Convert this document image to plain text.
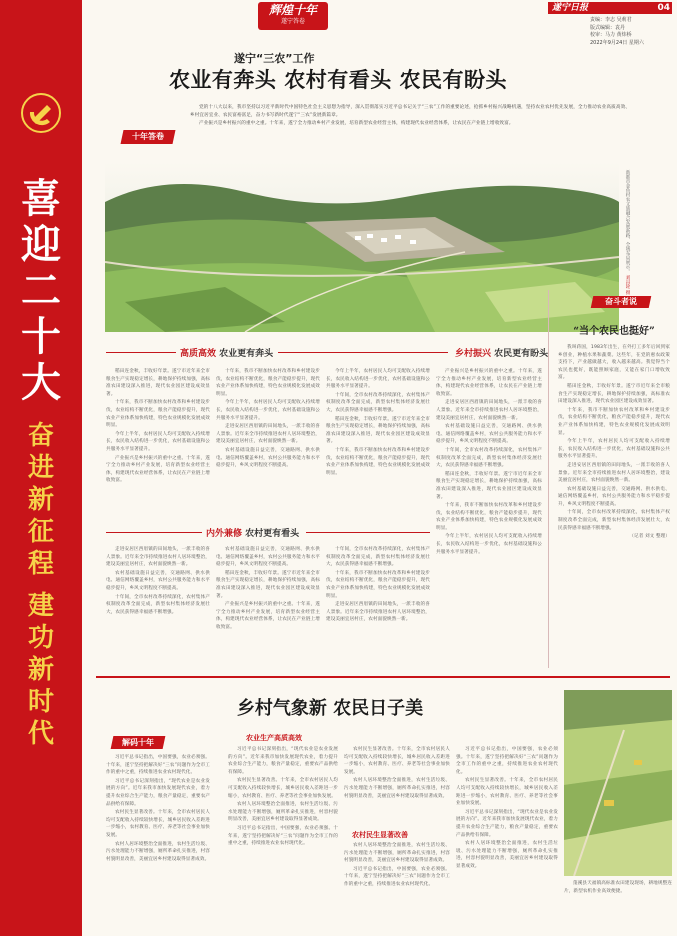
喜
迎
二
十
大
奋
进
新
征
程
建
功
新
时
代
辉煌十年
遂宁答卷
遂宁日报	04
责编：李志 吴莉君
版式编辑：袁丹
校审：马力 黄炜桥
2022年9月24日 星期六
遂宁“三农”工作
农业有奔头 农村有看头 农民有盼头
十年答卷

党的十八大以来，我市坚持以习近平新时代中国特色社会主义思想为指导，深入贯彻落实习近平总书记关于“三农”工作的重要论述，抢抓乡村振兴战略机遇，坚持农业农村优先发展，全力推动农业高质高效、乡村宜居宜业、农民富裕富足，奋力书写新时代遂宁“三农”发展新篇章。

产业振兴是乡村振兴的重中之重。十年来，遂宁全力推动乡村产业发展，培育新型农业经营主体，构建现代农业经营体系，让农民在产业链上增收致富。

新都市金鱼村农文旅融合发展新路，全域布局展示。 刘昌轮 摄
奋斗者说
“当个农民也挺好”

我叫蒋国，1983年出生，在外打工多年后回到家乡创业，种植水果和蔬菜。这些年，在党的惠农政策支持下，产业越做越大，收入越来越高。我觉得当个农民也挺好，既能照顾家庭，又能在家门口增收致富。

稻田连金秋，丰收好年景。遂宁市近年来全市粮食生产实现稳定增长，耕地保护持续加强，高标准农田建设深入推进，现代农业园区建设成效显著。

十年来，我市不断加快农村改革和乡村建设步伐，农业结构不断优化，粮食产能稳步提升，现代农业产业体系加快构建，特色农业规模化发展成效明显。

今年上半年，农村居民人均可支配收入持续增长，农民收入结构进一步优化，农村基础设施和公共服务水平显著提升。

走进安居区西眉镇的田间地头，一派丰收的喜人景象。近年来全市持续推进农村人居环境整治，建设美丽宜居村庄，农村面貌焕然一新。

农村基础设施日益完善，交通路网、供水供电、通信网络覆盖乡村，农村公共服务能力和水平稳步提升，乡风文明程度不断提高。

十年间，全市农村改革持续深化，农村集体产权制度改革全面完成，新型农村集体经济发展壮大，农民获得感幸福感不断增强。

（记者 刘文 整理）

高质高效 农业更有奔头	乡村振兴 农民更有盼头

稻田连金秋，丰收好年景。遂宁市近年来全市粮食生产实现稳定增长，耕地保护持续加强，高标准农田建设深入推进，现代农业园区建设成效显著。

十年来，我市不断加快农村改革和乡村建设步伐，农业结构不断优化，粮食产能稳步提升，现代农业产业体系加快构建，特色农业规模化发展成效明显。

今年上半年，农村居民人均可支配收入持续增长，农民收入结构进一步优化，农村基础设施和公共服务水平显著提升。

产业振兴是乡村振兴的重中之重。十年来，遂宁全力推动乡村产业发展，培育新型农业经营主体，构建现代农业经营体系，让农民在产业链上增收致富。

十年来，我市不断加快农村改革和乡村建设步伐，农业结构不断优化，粮食产能稳步提升，现代农业产业体系加快构建，特色农业规模化发展成效明显。

今年上半年，农村居民人均可支配收入持续增长，农民收入结构进一步优化，农村基础设施和公共服务水平显著提升。

走进安居区西眉镇的田间地头，一派丰收的喜人景象。近年来全市持续推进农村人居环境整治，建设美丽宜居村庄，农村面貌焕然一新。

农村基础设施日益完善，交通路网、供水供电、通信网络覆盖乡村，农村公共服务能力和水平稳步提升，乡风文明程度不断提高。

今年上半年，农村居民人均可支配收入持续增长，农民收入结构进一步优化，农村基础设施和公共服务水平显著提升。

十年间，全市农村改革持续深化，农村集体产权制度改革全面完成，新型农村集体经济发展壮大，农民获得感幸福感不断增强。

稻田连金秋，丰收好年景。遂宁市近年来全市粮食生产实现稳定增长，耕地保护持续加强，高标准农田建设深入推进，现代农业园区建设成效显著。

十年来，我市不断加快农村改革和乡村建设步伐，农业结构不断优化，粮食产能稳步提升，现代农业产业体系加快构建，特色农业规模化发展成效明显。

产业振兴是乡村振兴的重中之重。十年来，遂宁全力推动乡村产业发展，培育新型农业经营主体，构建现代农业经营体系，让农民在产业链上增收致富。

走进安居区西眉镇的田间地头，一派丰收的喜人景象。近年来全市持续推进农村人居环境整治，建设美丽宜居村庄，农村面貌焕然一新。

农村基础设施日益完善，交通路网、供水供电、通信网络覆盖乡村，农村公共服务能力和水平稳步提升，乡风文明程度不断提高。

十年间，全市农村改革持续深化，农村集体产权制度改革全面完成，新型农村集体经济发展壮大，农民获得感幸福感不断增强。

稻田连金秋，丰收好年景。遂宁市近年来全市粮食生产实现稳定增长，耕地保护持续加强，高标准农田建设深入推进，现代农业园区建设成效显著。

十年来，我市不断加快农村改革和乡村建设步伐，农业结构不断优化，粮食产能稳步提升，现代农业产业体系加快构建，特色农业规模化发展成效明显。

今年上半年，农村居民人均可支配收入持续增长，农民收入结构进一步优化，农村基础设施和公共服务水平显著提升。

内外兼修 农村更有看头

走进安居区西眉镇的田间地头，一派丰收的喜人景象。近年来全市持续推进农村人居环境整治，建设美丽宜居村庄，农村面貌焕然一新。

农村基础设施日益完善，交通路网、供水供电、通信网络覆盖乡村，农村公共服务能力和水平稳步提升，乡风文明程度不断提高。

十年间，全市农村改革持续深化，农村集体产权制度改革全面完成，新型农村集体经济发展壮大，农民获得感幸福感不断增强。

农村基础设施日益完善，交通路网、供水供电、通信网络覆盖乡村，农村公共服务能力和水平稳步提升，乡风文明程度不断提高。

稻田连金秋，丰收好年景。遂宁市近年来全市粮食生产实现稳定增长，耕地保护持续加强，高标准农田建设深入推进，现代农业园区建设成效显著。

产业振兴是乡村振兴的重中之重。十年来，遂宁全力推动乡村产业发展，培育新型农业经营主体，构建现代农业经营体系，让农民在产业链上增收致富。

十年间，全市农村改革持续深化，农村集体产权制度改革全面完成，新型农村集体经济发展壮大，农民获得感幸福感不断增强。

十年来，我市不断加快农村改革和乡村建设步伐，农业结构不断优化，粮食产能稳步提升，现代农业产业体系加快构建，特色农业规模化发展成效明显。

走进安居区西眉镇的田间地头，一派丰收的喜人景象。近年来全市持续推进农村人居环境整治，建设美丽宜居村庄，农村面貌焕然一新。

乡村气象新 农民日子美
解码十年	农业生产高质高效
农村民生显著改善

习近平总书记指出，中国要强，农业必须强。十年来，遂宁坚持把解决好“三农”问题作为全市工作的重中之重，持续推进农业农村现代化。

习近平总书记深刻指出，“现代农业是农业发展的方向”。近年来我市加快发展现代农业，着力提升农业综合生产能力，粮食产量稳定，重要农产品供给有保障。

农村民生显著改善。十年来，全市农村居民人均可支配收入持续较快增长，城乡居民收入差距进一步缩小，农村教育、医疗、养老等社会事业加快发展。

农村人居环境整治全面推进，农村生活垃圾、污水处理能力不断增强，厕所革命扎实推进，村容村貌明显改善，美丽宜居乡村建设取得显著成效。

习近平总书记深刻指出，“现代农业是农业发展的方向”。近年来我市加快发展现代农业，着力提升农业综合生产能力，粮食产量稳定，重要农产品供给有保障。

农村民生显著改善。十年来，全市农村居民人均可支配收入持续较快增长，城乡居民收入差距进一步缩小，农村教育、医疗、养老等社会事业加快发展。

农村人居环境整治全面推进，农村生活垃圾、污水处理能力不断增强，厕所革命扎实推进，村容村貌明显改善，美丽宜居乡村建设取得显著成效。

习近平总书记指出，中国要强，农业必须强。十年来，遂宁坚持把解决好“三农”问题作为全市工作的重中之重，持续推进农业农村现代化。

农村民生显著改善。十年来，全市农村居民人均可支配收入持续较快增长，城乡居民收入差距进一步缩小，农村教育、医疗、养老等社会事业加快发展。

农村人居环境整治全面推进，农村生活垃圾、污水处理能力不断增强，厕所革命扎实推进，村容村貌明显改善，美丽宜居乡村建设取得显著成效。

农村人居环境整治全面推进，农村生活垃圾、污水处理能力不断增强，厕所革命扎实推进，村容村貌明显改善，美丽宜居乡村建设取得显著成效。

习近平总书记指出，中国要强，农业必须强。十年来，遂宁坚持把解决好“三农”问题作为全市工作的重中之重，持续推进农业农村现代化。

习近平总书记指出，中国要强，农业必须强。十年来，遂宁坚持把解决好“三农”问题作为全市工作的重中之重，持续推进农业农村现代化。

农村民生显著改善。十年来，全市农村居民人均可支配收入持续较快增长，城乡居民收入差距进一步缩小，农村教育、医疗、养老等社会事业加快发展。

习近平总书记深刻指出，“现代农业是农业发展的方向”。近年来我市加快发展现代农业，着力提升农业综合生产能力，粮食产量稳定，重要农产品供给有保障。

农村人居环境整治全面推进，农村生活垃圾、污水处理能力不断增强，厕所革命扎实推进，村容村貌明显改善，美丽宜居乡村建设取得显著成效。

蓬溪县天福镇高标准农田建设现场，耕地规整连片，新型农机作业高效便捷。
